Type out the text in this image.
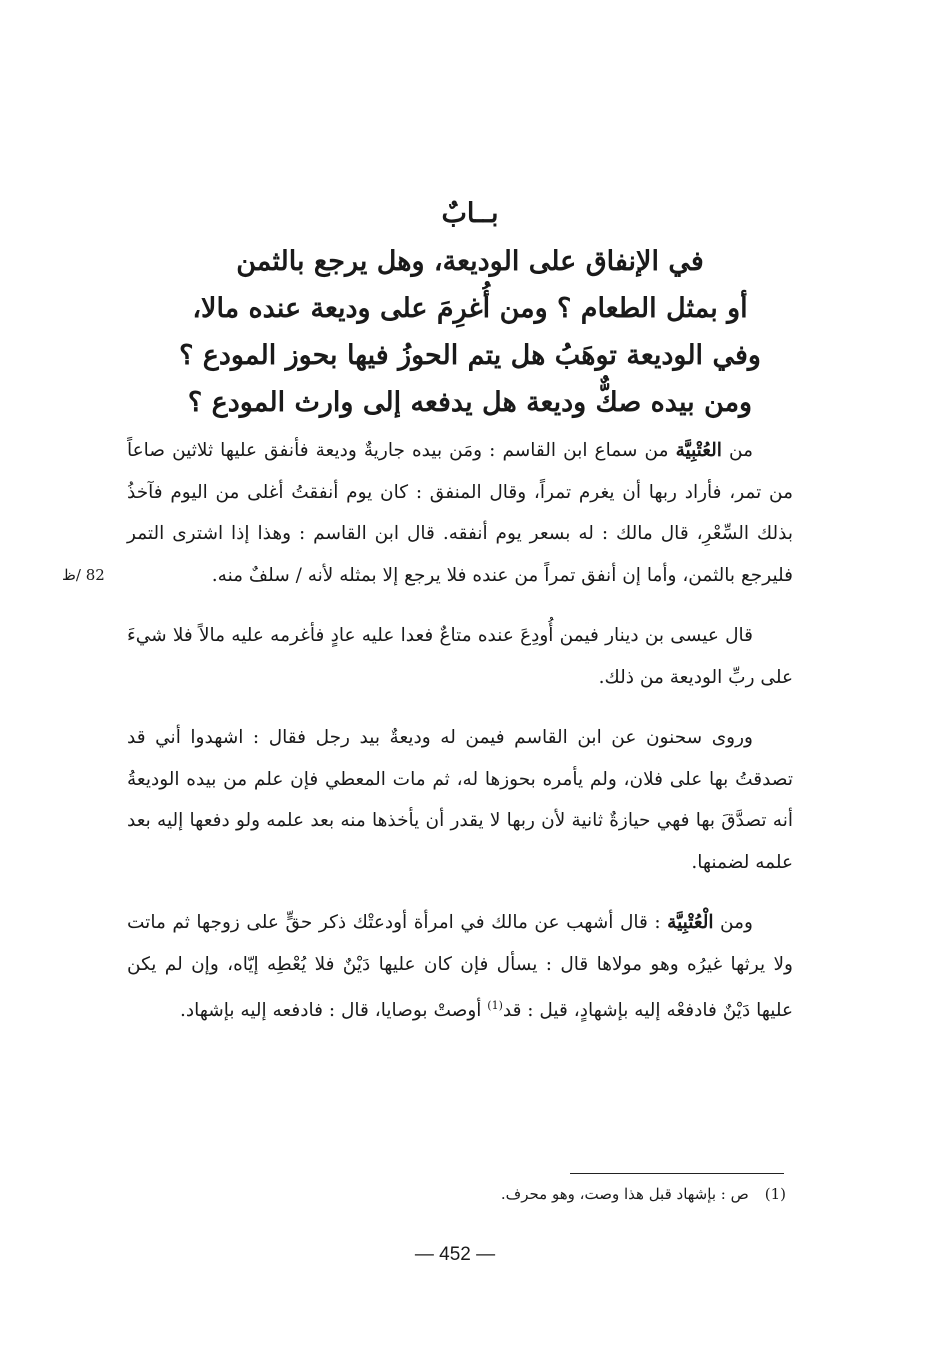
بــابٌ
في الإنفاق على الوديعة، وهل يرجع بالثمن
أو بمثل الطعام ؟ ومن أُغرِمَ على وديعة عنده مالا،
وفي الوديعة توهَبُ هل يتم الحوزُ فيها بحوز المودع ؟
ومن بيده صكٌّ وديعة هل يدفعه إلى وارث المودع ؟

من العُتْبِيَّة من سماع ابن القاسم : ومَن بيده جاريةٌ وديعة فأنفق عليها ثلاثين صاعاً من تمر، فأراد ربها أن يغرم تمراً، وقال المنفق : كان يوم أنفقتُ أغلى من اليوم فآخذُ بذلك السِّعْرِ، قال مالك : له بسعر يوم أنفقه. قال ابن القاسم : وهذا إذا اشترى التمر فليرجع بالثمن، وأما إن أنفق تمراً من عنده فلا يرجع إلا بمثله لأنه / سلفٌ منه.

قال عيسى بن دينار فيمن أُودِعَ عنده متاعٌ فعدا عليه عادٍ فأغرمه عليه مالاً فلا شيءَ على ربِّ الوديعة من ذلك.

وروى سحنون عن ابن القاسم فيمن له وديعةٌ بيد رجل فقال : اشهدوا أني قد تصدقتُ بها على فلان، ولم يأمره بحوزها له، ثم مات المعطي فإن علم من بيده الوديعةُ أنه تصدَّقَ بها فهي حيازةٌ ثانية لأن ربها لا يقدر أن يأخذها منه بعد علمه ولو دفعها إليه بعد علمه لضمنها.

ومن الْعُتْبِيَّة : قال أشهب عن مالك في امرأة أودعتْك ذكر حقٍّ على زوجها ثم ماتت ولا يرثها غيرُه وهو مولاها قال : يسأل فإن كان عليها دَيْنٌ فلا يُعْطِه إيّاه، وإن لم يكن عليها دَيْنٌ فادفعْه إليه بإشهادٍ، قيل : قد$^{(1)}$ أوصتْ بوصايا، قال : فادفعه إليه بإشهاد.

82 /ظ
(1)ص : بإشهاد قبل هذا وصت، وهو محرف.
— 452 —
